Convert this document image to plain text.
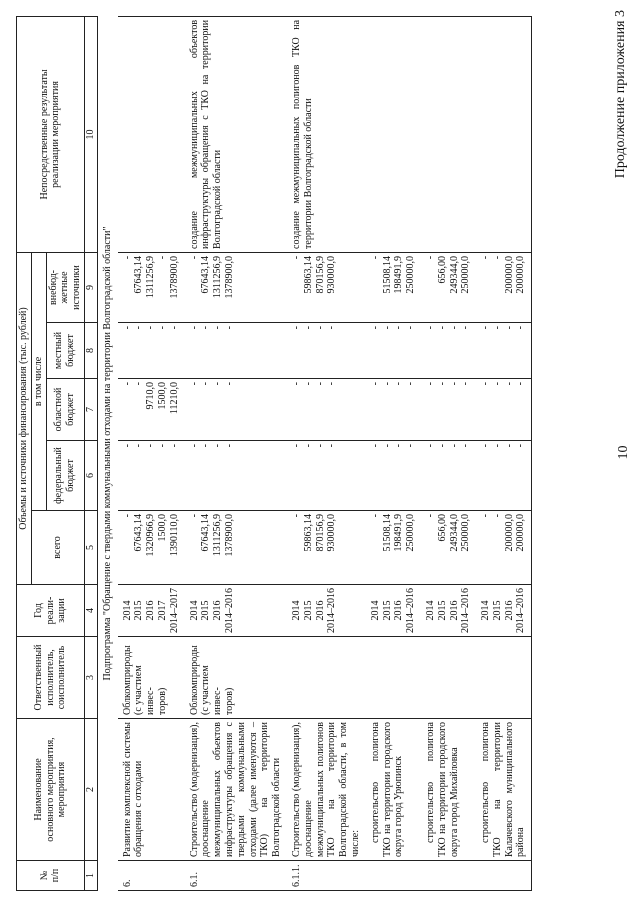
Продолжение приложения 3
№
п/п	Наименование
основного мероприятия,
мероприятия	Ответственный
исполнитель,
соисполнитель	Год
реали-
зации	Объемы и источники финансирования (тыс. рублей)					Непосредственные результаты
реализации мероприятия
				всего	в том числе				
					федеральный
бюджет	областной
бюджет	местный
бюджет	внебюд-
жетные
источники	
1	2	3	4	5	6	7	8	9	10
Подпрограмма "Обращение с твердыми коммунальными отходами на территории Волгоградской области"									
6.	Развитие комплексной системы обращения с отходами	Облкомприроды
(с участием инвес-
торов)	2014
2015
2016
2017
2014–2017	-
67643,14
1320966,9
1500,0
1390110,0	-
-
-
-
-	-
-
9710,0
1500,0
11210,0	-
-
-
-
-	-
67643,14
1311256,9
-
1378900,0	
6.1.	Строительство (модернизация), дооснащение межмуниципальных объектов инфраструктуры обращения с твердыми коммунальными отходами (далее именуются – ТКО) на территории Волгоградской области	Облкомприроды
(с участием инвес-
торов)	2014
2015
2016
2014–2016	-
67643,14
1311256,9
1378900,0	-
-
-
-	-
-
-
-	-
-
-
-	-
67643,14
1311256,9
1378900,0	создание межмуниципальных объектов инфраструктуры обращения с ТКО на территории Волгоградской области
6.1.1.	Строительство (модернизация), дооснащение межмуниципальных полигонов ТКО на территории Волгоградской области, в том числе:		2014
2015
2016
2014–2016	-
59863,14
870156,9
930000,0	-
-
-
-	-
-
-
-	-
-
-
-	-
59863,14
870156,9
930000,0	создание межмуниципальных полигонов ТКО на территории Волгоградской области
	строительство полигона ТКО на территории городского округа город Урюпинск		2014
2015
2016
2014–2016	-
51508,14
198491,9
250000,0	-
-
-
-	-
-
-
-	-
-
-
-	-
51508,14
198491,9
250000,0	
	строительство полигона ТКО на территории городского округа город Михайловка		2014
2015
2016
2014–2016	-
656,00
249344,0
250000,0	-
-
-
-	-
-
-
-	-
-
-
-	-
656,00
249344,0
250000,0	
	строительство полигона ТКО на территории Калачевского муниципального района		2014
2015
2016
2014–2016	-
-
200000,0
200000,0	-
-
-
-	-
-
-
-	-
-
-
-	-
-
200000,0
200000,0	
10
